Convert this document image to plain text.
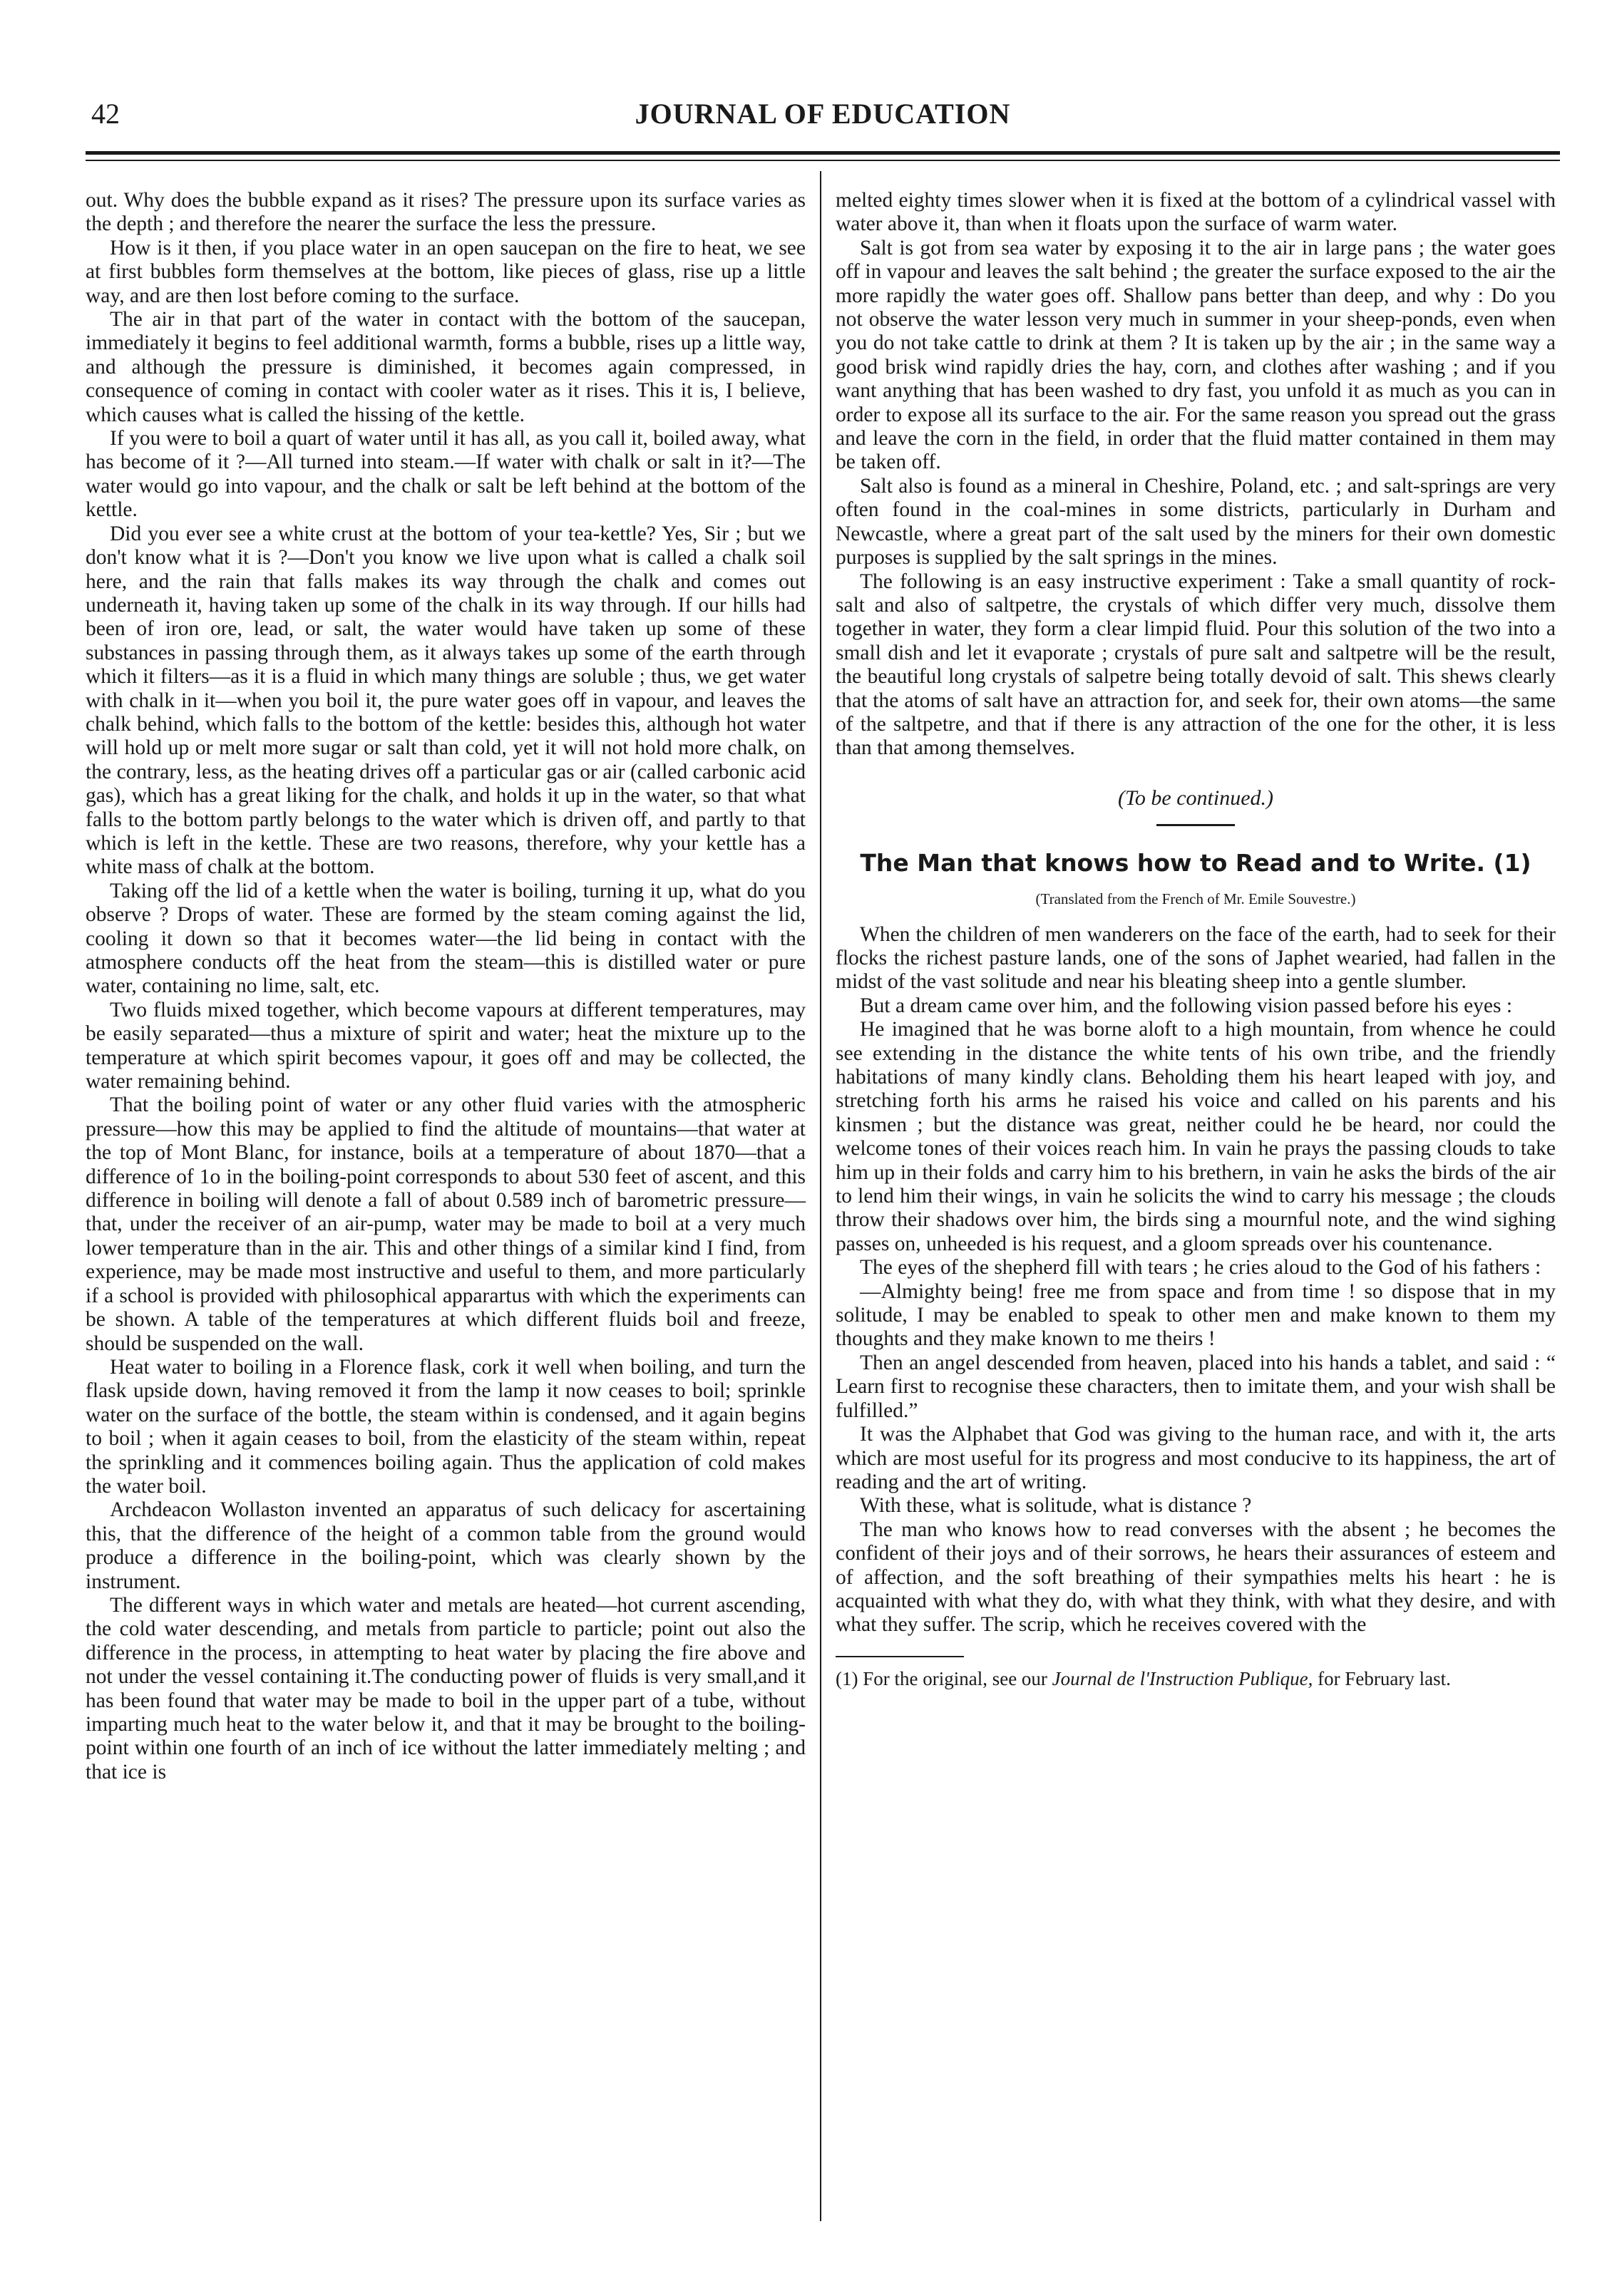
42	JOURNAL OF EDUCATION

out. Why does the bubble expand as it rises? The pressure upon its surface varies as the depth ; and therefore the nearer the surface the less the pressure.

How is it then, if you place water in an open saucepan on the fire to heat, we see at first bubbles form themselves at the bottom, like pieces of glass, rise up a little way, and are then lost before coming to the surface.

The air in that part of the water in contact with the bottom of the saucepan, immediately it begins to feel additional warmth, forms a bubble, rises up a little way, and although the pressure is diminished, it becomes again compressed, in consequence of coming in contact with cooler water as it rises. This it is, I believe, which causes what is called the hissing of the kettle.

If you were to boil a quart of water until it has all, as you call it, boiled away, what has become of it ?—All turned into steam.—If water with chalk or salt in it?—The water would go into vapour, and the chalk or salt be left behind at the bottom of the kettle.

Did you ever see a white crust at the bottom of your tea-kettle? Yes, Sir ; but we don't know what it is ?—Don't you know we live upon what is called a chalk soil here, and the rain that falls makes its way through the chalk and comes out underneath it, having taken up some of the chalk in its way through. If our hills had been of iron ore, lead, or salt, the water would have taken up some of these substances in passing through them, as it always takes up some of the earth through which it filters—as it is a fluid in which many things are soluble ; thus, we get water with chalk in it—when you boil it, the pure water goes off in vapour, and leaves the chalk behind, which falls to the bottom of the kettle: besides this, although hot water will hold up or melt more sugar or salt than cold, yet it will not hold more chalk, on the contrary, less, as the heating drives off a particular gas or air (called carbonic acid gas), which has a great liking for the chalk, and holds it up in the water, so that what falls to the bottom partly belongs to the water which is driven off, and partly to that which is left in the kettle. These are two reasons, therefore, why your kettle has a white mass of chalk at the bottom.

Taking off the lid of a kettle when the water is boiling, turning it up, what do you observe ? Drops of water. These are formed by the steam coming against the lid, cooling it down so that it becomes water—the lid being in contact with the atmosphere conducts off the heat from the steam—this is distilled water or pure water, containing no lime, salt, etc.

Two fluids mixed together, which become vapours at different temperatures, may be easily separated—thus a mixture of spirit and water; heat the mixture up to the temperature at which spirit becomes vapour, it goes off and may be collected, the water remaining behind.

That the boiling point of water or any other fluid varies with the atmospheric pressure—how this may be applied to find the altitude of mountains—that water at the top of Mont Blanc, for instance, boils at a temperature of about 1870—that a difference of 1o in the boiling-point corresponds to about 530 feet of ascent, and this difference in boiling will denote a fall of about 0.589 inch of barometric pressure—that, under the receiver of an air-pump, water may be made to boil at a very much lower temperature than in the air. This and other things of a similar kind I find, from experience, may be made most instructive and useful to them, and more particularly if a school is provided with philosophical apparartus with which the experiments can be shown. A table of the temperatures at which different fluids boil and freeze, should be suspended on the wall.

Heat water to boiling in a Florence flask, cork it well when boiling, and turn the flask upside down, having removed it from the lamp it now ceases to boil; sprinkle water on the surface of the bottle, the steam within is condensed, and it again begins to boil ; when it again ceases to boil, from the elasticity of the steam within, repeat the sprinkling and it commences boiling again. Thus the application of cold makes the water boil.

Archdeacon Wollaston invented an apparatus of such delicacy for ascertaining this, that the difference of the height of a common table from the ground would produce a difference in the boiling-point, which was clearly shown by the instrument.

The different ways in which water and metals are heated—hot current ascending, the cold water descending, and metals from particle to particle; point out also the difference in the process, in attempting to heat water by placing the fire above and not under the vessel containing it.The conducting power of fluids is very small,and it has been found that water may be made to boil in the upper part of a tube, without imparting much heat to the water below it, and that it may be brought to the boiling-point within one fourth of an inch of ice without the latter immediately melting ; and that ice is

melted eighty times slower when it is fixed at the bottom of a cylindrical vassel with water above it, than when it floats upon the surface of warm water.

Salt is got from sea water by exposing it to the air in large pans ; the water goes off in vapour and leaves the salt behind ; the greater the surface exposed to the air the more rapidly the water goes off. Shallow pans better than deep, and why : Do you not observe the water lesson very much in summer in your sheep-ponds, even when you do not take cattle to drink at them ? It is taken up by the air ; in the same way a good brisk wind rapidly dries the hay, corn, and clothes after washing ; and if you want anything that has been washed to dry fast, you unfold it as much as you can in order to expose all its surface to the air. For the same reason you spread out the grass and leave the corn in the field, in order that the fluid matter contained in them may be taken off.

Salt also is found as a mineral in Cheshire, Poland, etc. ; and salt-springs are very often found in the coal-mines in some districts, particularly in Durham and Newcastle, where a great part of the salt used by the miners for their own domestic purposes is supplied by the salt springs in the mines.

The following is an easy instructive experiment : Take a small quantity of rock-salt and also of saltpetre, the crystals of which differ very much, dissolve them together in water, they form a clear limpid fluid. Pour this solution of the two into a small dish and let it evaporate ; crystals of pure salt and saltpetre will be the result, the beautiful long crystals of salpetre being totally devoid of salt. This shews clearly that the atoms of salt have an attraction for, and seek for, their own atoms—the same of the saltpetre, and that if there is any attraction of the one for the other, it is less than that among themselves.

(To be continued.)
The Man that knows how to Read and to Write. (1)
(Translated from the French of Mr. Emile Souvestre.)

When the children of men wanderers on the face of the earth, had to seek for their flocks the richest pasture lands, one of the sons of Japhet wearied, had fallen in the midst of the vast solitude and near his bleating sheep into a gentle slumber.

But a dream came over him, and the following vision passed before his eyes :

He imagined that he was borne aloft to a high mountain, from whence he could see extending in the distance the white tents of his own tribe, and the friendly habitations of many kindly clans. Beholding them his heart leaped with joy, and stretching forth his arms he raised his voice and called on his parents and his kinsmen ; but the distance was great, neither could he be heard, nor could the welcome tones of their voices reach him. In vain he prays the passing clouds to take him up in their folds and carry him to his brethern, in vain he asks the birds of the air to lend him their wings, in vain he solicits the wind to carry his message ; the clouds throw their shadows over him, the birds sing a mournful note, and the wind sighing passes on, unheeded is his request, and a gloom spreads over his countenance.

The eyes of the shepherd fill with tears ; he cries aloud to the God of his fathers :

—Almighty being! free me from space and from time ! so dispose that in my solitude, I may be enabled to speak to other men and make known to them my thoughts and they make known to me theirs !

Then an angel descended from heaven, placed into his hands a tablet, and said : “ Learn first to recognise these characters, then to imitate them, and your wish shall be fulfilled.”

It was the Alphabet that God was giving to the human race, and with it, the arts which are most useful for its progress and most conducive to its happiness, the art of reading and the art of writing.

With these, what is solitude, what is distance ?

The man who knows how to read converses with the absent ; he becomes the confident of their joys and of their sorrows, he hears their assurances of esteem and of affection, and the soft breathing of their sympathies melts his heart : he is acquainted with what they do, with what they think, with what they desire, and with what they suffer. The scrip, which he receives covered with the

(1) For the original, see our Journal de l'Instruction Publique, for February last.
